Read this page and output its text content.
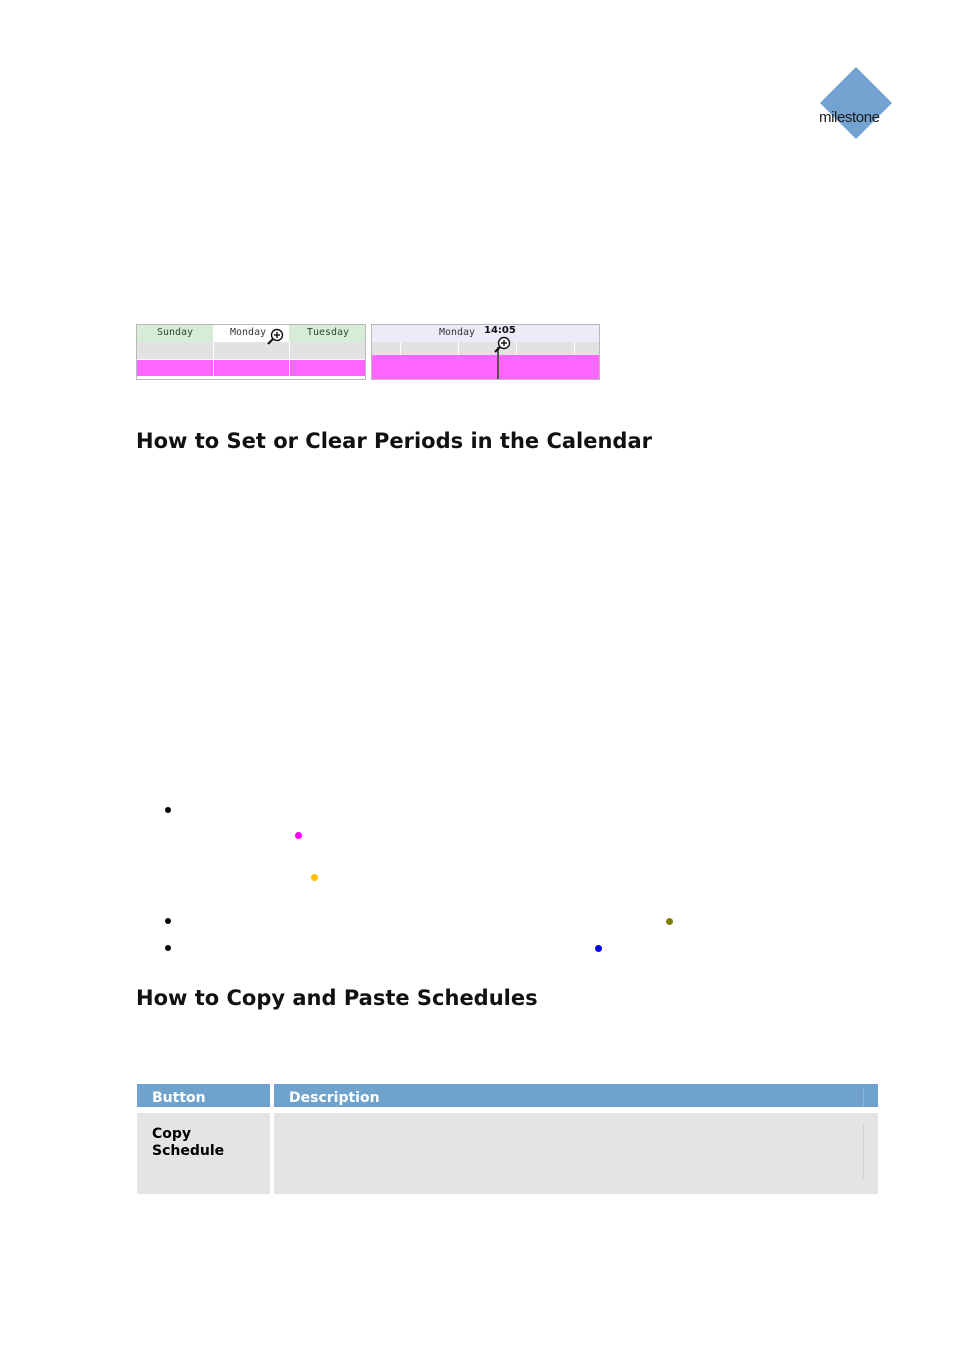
milestone
Sunday	Monday	Tuesday	Monday 14:05
How to Set or Clear Periods in the Calendar
How to Copy and Paste Schedules
Button	Description
Copy Schedule
